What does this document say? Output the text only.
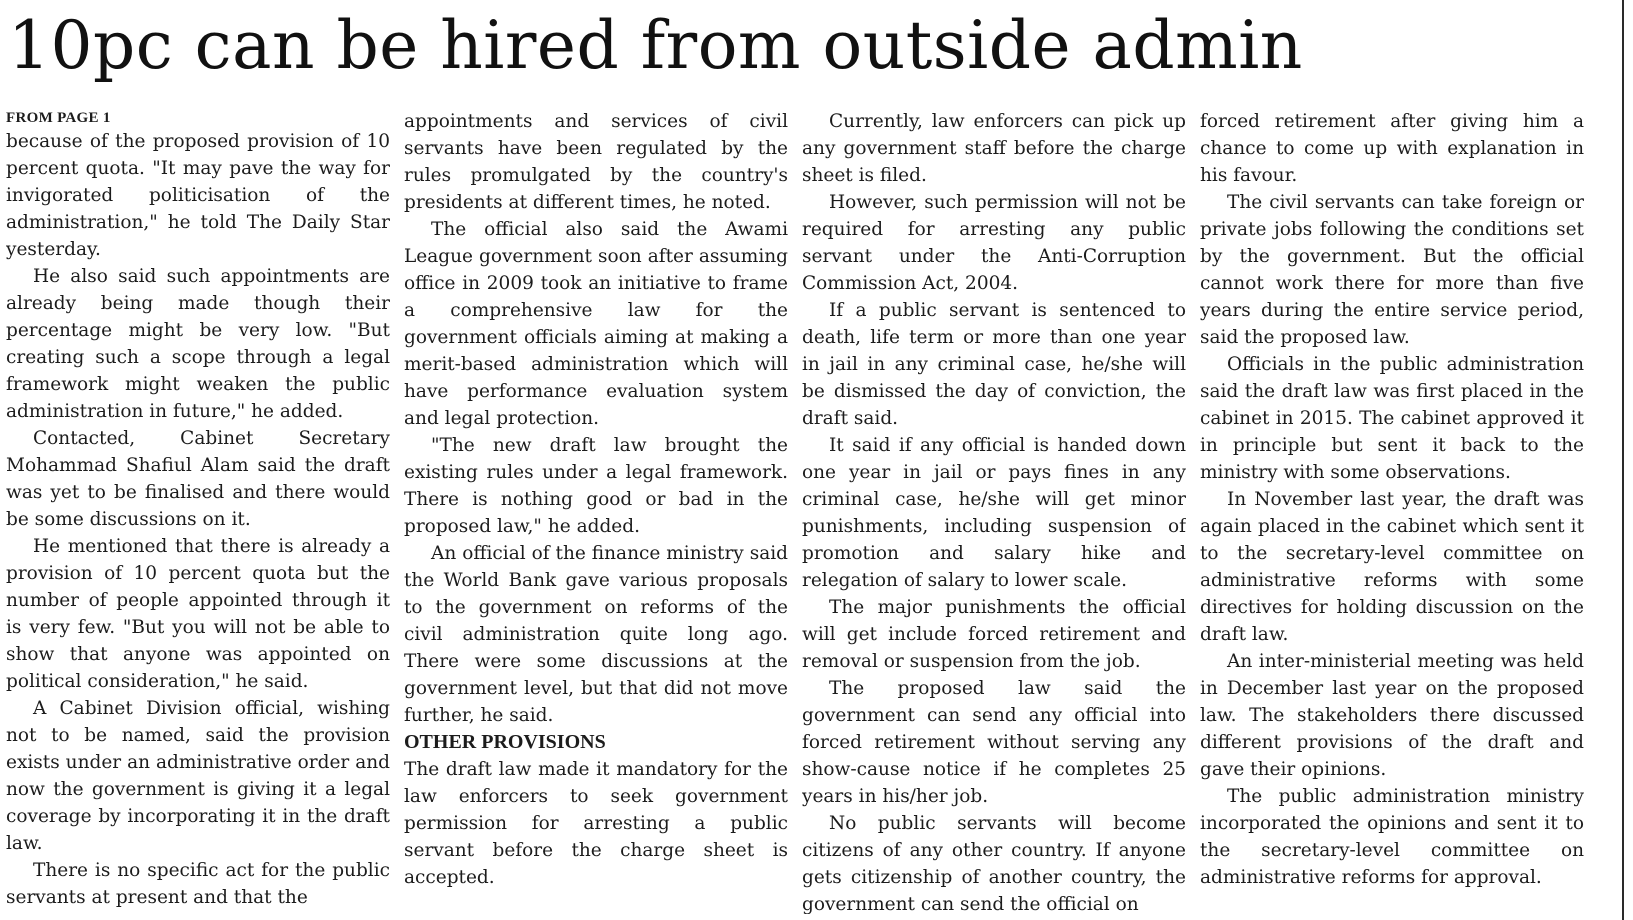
10pc can be hired from outside admin

FROM PAGE 1

because of the proposed provision of 10 percent quota. "It may pave the way for invigorated politicisation of the administration," he told The Daily Star yesterday.

He also said such appointments are already being made though their percentage might be very low. "But creating such a scope through a legal framework might weaken the public administration in future," he added.

Contacted, Cabinet Secretary Mohammad Shafiul Alam said the draft was yet to be finalised and there would be some discussions on it.

He mentioned that there is already a provision of 10 percent quota but the number of people appointed through it is very few. "But you will not be able to show that anyone was appointed on political consideration," he said.

A Cabinet Division official, wishing not to be named, said the provision exists under an administrative order and now the government is giving it a legal coverage by incorporating it in the draft law.

There is no specific act for the public servants at present and that the

appointments and services of civil servants have been regulated by the rules promulgated by the country's presidents at different times, he noted.

The official also said the Awami League government soon after assuming office in 2009 took an initiative to frame a comprehensive law for the government officials aiming at making a merit-based administration which will have performance evaluation system and legal protection.

"The new draft law brought the existing rules under a legal framework. There is nothing good or bad in the proposed law," he added.

An official of the finance ministry said the World Bank gave various proposals to the government on reforms of the civil administration quite long ago. There were some discussions at the government level, but that did not move further, he said.

OTHER PROVISIONS

The draft law made it mandatory for the law enforcers to seek government permission for arresting a public servant before the charge sheet is accepted.

Currently, law enforcers can pick up any government staff before the charge sheet is filed.

However, such permission will not be required for arresting any public servant under the Anti-Corruption Commission Act, 2004.

If a public servant is sentenced to death, life term or more than one year in jail in any criminal case, he/she will be dismissed the day of conviction, the draft said.

It said if any official is handed down one year in jail or pays fines in any criminal case, he/she will get minor punishments, including suspension of promotion and salary hike and relegation of salary to lower scale.

The major punishments the official will get include forced retirement and removal or suspension from the job.

The proposed law said the government can send any official into forced retirement without serving any show-cause notice if he completes 25 years in his/her job.

No public servants will become citizens of any other country. If anyone gets citizenship of another country, the government can send the official on

forced retirement after giving him a chance to come up with explanation in his favour.

The civil servants can take foreign or private jobs following the conditions set by the government. But the official cannot work there for more than five years during the entire service period, said the proposed law.

Officials in the public administration said the draft law was first placed in the cabinet in 2015. The cabinet approved it in principle but sent it back to the ministry with some observations.

In November last year, the draft was again placed in the cabinet which sent it to the secretary-level committee on administrative reforms with some directives for holding discussion on the draft law.

An inter-ministerial meeting was held in December last year on the proposed law. The stakeholders there discussed different provisions of the draft and gave their opinions.

The public administration ministry incorporated the opinions and sent it to the secretary-level committee on administrative reforms for approval.
